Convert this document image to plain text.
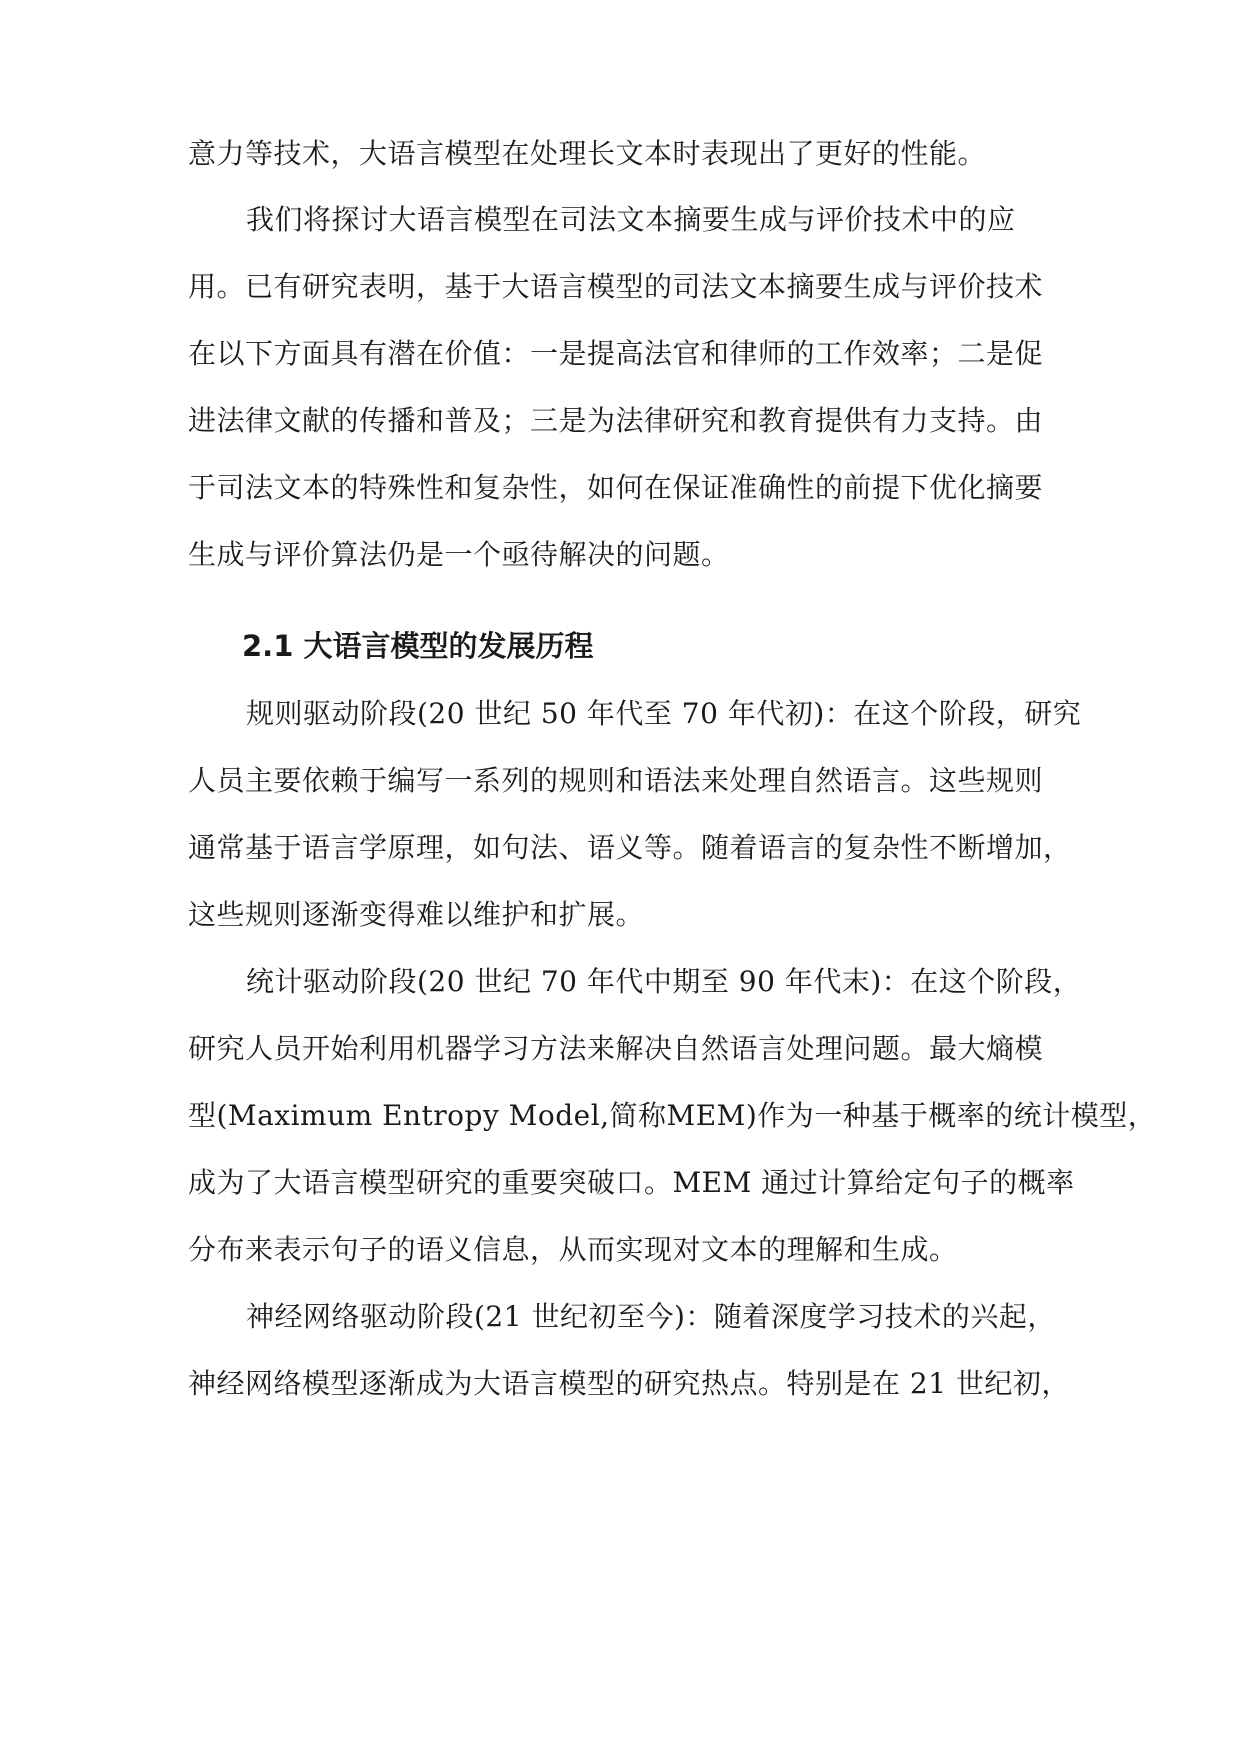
意力等技术，大语言模型在处理长文本时表现出了更好的性能。
我们将探讨大语言模型在司法文本摘要生成与评价技术中的应
用。已有研究表明，基于大语言模型的司法文本摘要生成与评价技术
在以下方面具有潜在价值：一是提高法官和律师的工作效率；二是促
进法律文献的传播和普及；三是为法律研究和教育提供有力支持。由
于司法文本的特殊性和复杂性，如何在保证准确性的前提下优化摘要
生成与评价算法仍是一个亟待解决的问题。
2.1 大语言模型的发展历程
规则驱动阶段(20 世纪 50 年代至 70 年代初)：在这个阶段，研究
人员主要依赖于编写一系列的规则和语法来处理自然语言。这些规则
通常基于语言学原理，如句法、语义等。随着语言的复杂性不断增加，
这些规则逐渐变得难以维护和扩展。
统计驱动阶段(20 世纪 70 年代中期至 90 年代末)：在这个阶段，
研究人员开始利用机器学习方法来解决自然语言处理问题。最大熵模
型(Maximum Entropy Model,简称MEM)作为一种基于概率的统计模型，
成为了大语言模型研究的重要突破口。MEM 通过计算给定句子的概率
分布来表示句子的语义信息，从而实现对文本的理解和生成。
神经网络驱动阶段(21 世纪初至今)：随着深度学习技术的兴起，
神经网络模型逐渐成为大语言模型的研究热点。特别是在 21 世纪初，
